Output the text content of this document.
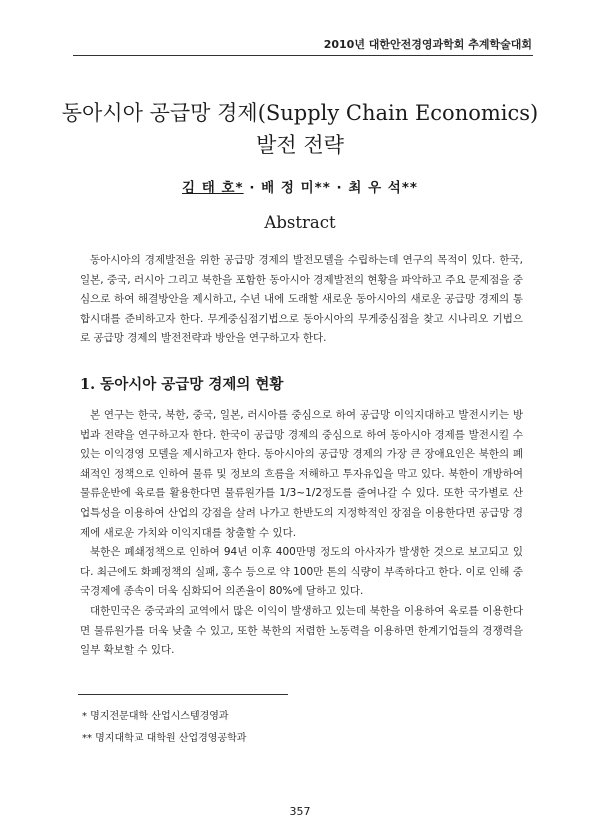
2010년 대한안전경영과학회 추계학술대회
동아시아 공급망 경제(Supply Chain Economics)
발전 전략
김 태 호* · 배 정 미** · 최 우 석**
Abstract

동아시아의 경제발전을 위한 공급망 경제의 발전모델을 수립하는데 연구의 목적이 있다. 한국, 일본, 중국, 러시아 그리고 북한을 포함한 동아시아 경제발전의 현황을 파악하고 주요 문제점을 중심으로 하여 해결방안을 제시하고, 수년 내에 도래할 새로운 동아시아의 새로운 공급망 경제의 통합시대를 준비하고자 한다. 무게중심점기법으로 동아시아의 무게중심점을 찾고 시나리오 기법으로 공급망 경제의 발전전략과 방안을 연구하고자 한다.

1. 동아시아 공급망 경제의 현황

본 연구는 한국, 북한, 중국, 일본, 러시아를 중심으로 하여 공급망 이익지대하고 발전시키는 방법과 전략을 연구하고자 한다. 한국이 공급망 경제의 중심으로 하여 동아시아 경제를 발전시킬 수 있는 이익경영 모델을 제시하고자 한다. 동아시아의 공급망 경제의 가장 큰 장애요인은 북한의 폐쇄적인 정책으로 인하여 물류 및 정보의 흐름을 저해하고 투자유입을 막고 있다. 북한이 개방하여 물류운반에 육로를 활용한다면 물류원가를 1/3~1/2정도를 줄여나갈 수 있다. 또한 국가별로 산업특성을 이용하여 산업의 강점을 살려 나가고 한반도의 지정학적인 장점을 이용한다면 공급망 경제에 새로운 가치와 이익지대를 창출할 수 있다.

북한은 폐쇄정책으로 인하여 94년 이후 400만명 정도의 아사자가 발생한 것으로 보고되고 있다. 최근에도 화폐정책의 실패, 홍수 등으로 약 100만 톤의 식량이 부족하다고 한다. 이로 인해 중국경제에 종속이 더욱 심화되어 의존율이 80%에 달하고 있다.

대한민국은 중국과의 교역에서 많은 이익이 발생하고 있는데 북한을 이용하여 육로를 이용한다면 물류원가를 더욱 낮출 수 있고, 또한 북한의 저렴한 노동력을 이용하면 한계기업들의 경쟁력을 일부 확보할 수 있다.

* 명지전문대학 산업시스템경영과
** 명지대학교 대학원 산업경영공학과
357
